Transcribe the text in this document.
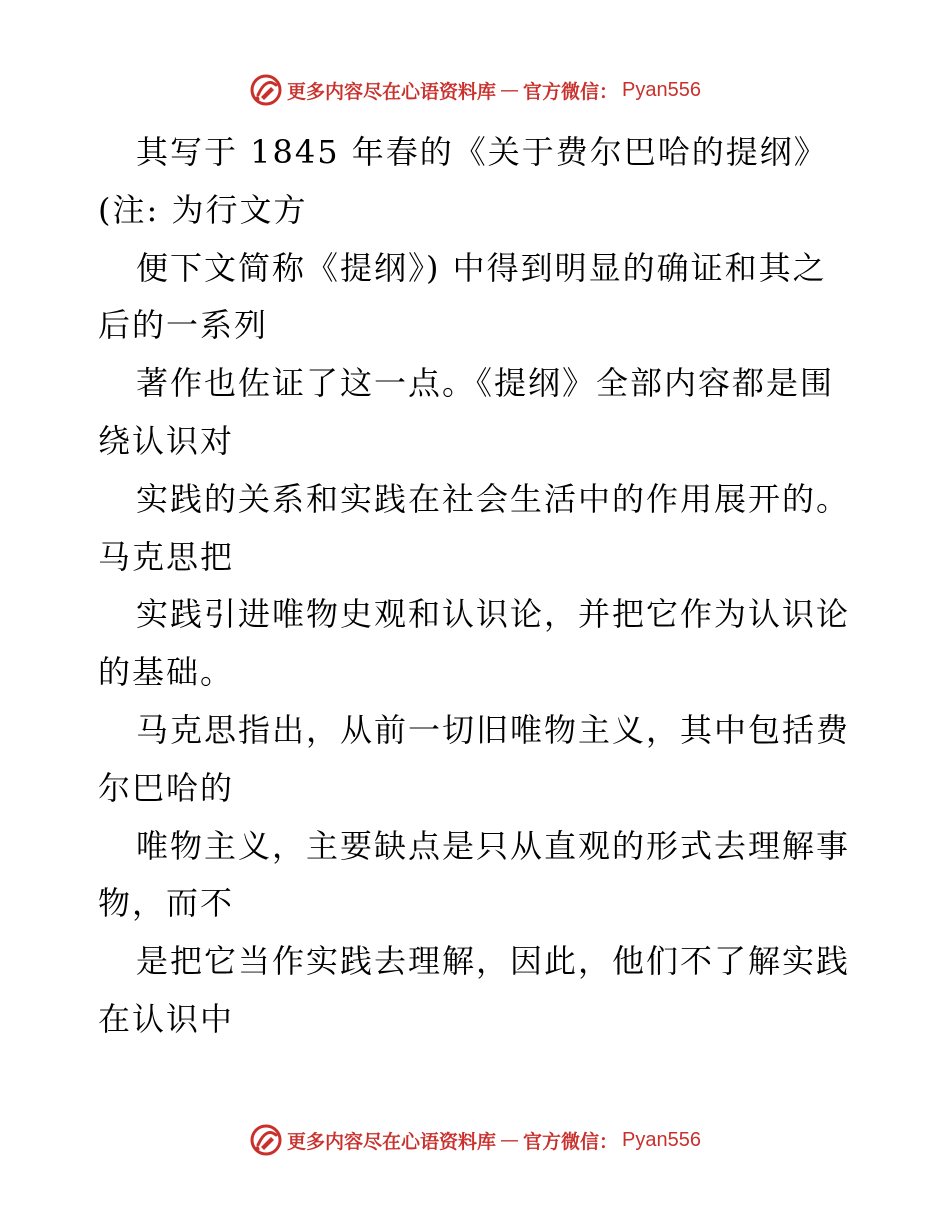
更多内容尽在心语资料库 — 官方微信： Pyan556
其写于 1845 年春的《关于费尔巴哈的提纲》
(注: 为行文方
便下文简称《提纲》) 中得到明显的确证和其之
后的一系列
著作也佐证了这一点。《提纲》全部内容都是围
绕认识对
实践的关系和实践在社会生活中的作用展开的。
马克思把
实践引进唯物史观和认识论，并把它作为认识论
的基础。
马克思指出，从前一切旧唯物主义，其中包括费
尔巴哈的
唯物主义，主要缺点是只从直观的形式去理解事
物，而不
是把它当作实践去理解，因此，他们不了解实践
在认识中
更多内容尽在心语资料库 — 官方微信： Pyan556
